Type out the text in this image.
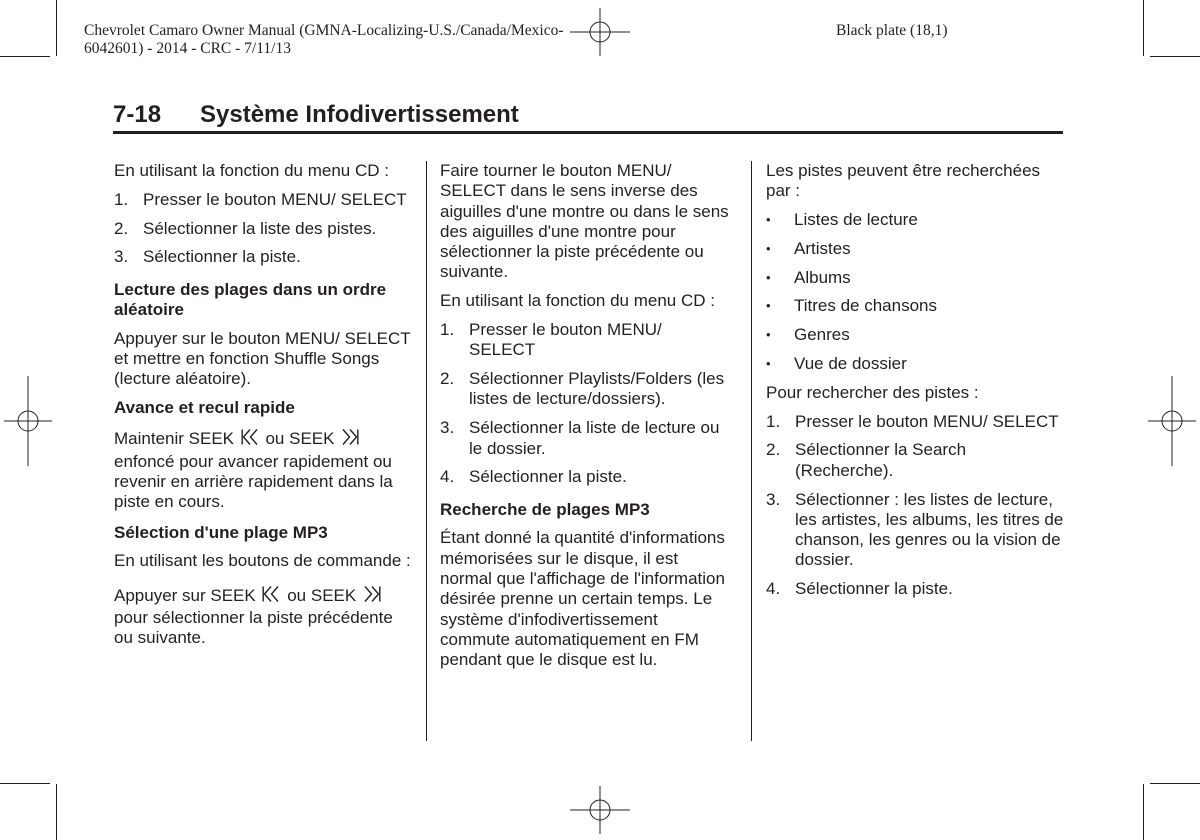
Chevrolet Camaro Owner Manual (GMNA-Localizing-U.S./Canada/Mexico-
6042601) - 2014 - CRC - 7/11/13
Black plate (18,1)
7-18	Système Infodivertissement

En utilisant la fonction du menu CD :

1. Presser le bouton MENU/ SELECT
2. Sélectionner la liste des pistes.
3. Sélectionner la piste.
Lecture des plages dans un ordre aléatoire

Appuyer sur le bouton MENU/ SELECT et mettre en fonction Shuffle Songs (lecture aléatoire).

Avance et recul rapide

Maintenir SEEK ou SEEK  enfoncé pour avancer rapidement ou revenir en arrière rapidement dans la piste en cours.

Sélection d'une plage MP3

En utilisant les boutons de commande :

Appuyer sur SEEK ou SEEK  pour sélectionner la piste précédente ou suivante.

Faire tourner le bouton MENU/ SELECT dans le sens inverse des aiguilles d'une montre ou dans le sens des aiguilles d'une montre pour sélectionner la piste précédente ou suivante.

En utilisant la fonction du menu CD :

1. Presser le bouton MENU/ SELECT
2. Sélectionner Playlists/Folders (les listes de lecture/dossiers).
3. Sélectionner la liste de lecture ou le dossier.
4. Sélectionner la piste.
Recherche de plages MP3

Étant donné la quantité d'informations mémorisées sur le disque, il est normal que l'affichage de l'information désirée prenne un certain temps. Le système d'infodivertissement commute automatiquement en FM pendant que le disque est lu.

Les pistes peuvent être recherchées par :

•	Listes de lecture
•	Artistes
•	Albums
•	Titres de chansons
•	Genres
•	Vue de dossier

Pour rechercher des pistes :

1. Presser le bouton MENU/ SELECT
2. Sélectionner la Search (Recherche).
3. Sélectionner : les listes de lecture, les artistes, les albums, les titres de chanson, les genres ou la vision de dossier.
4. Sélectionner la piste.
